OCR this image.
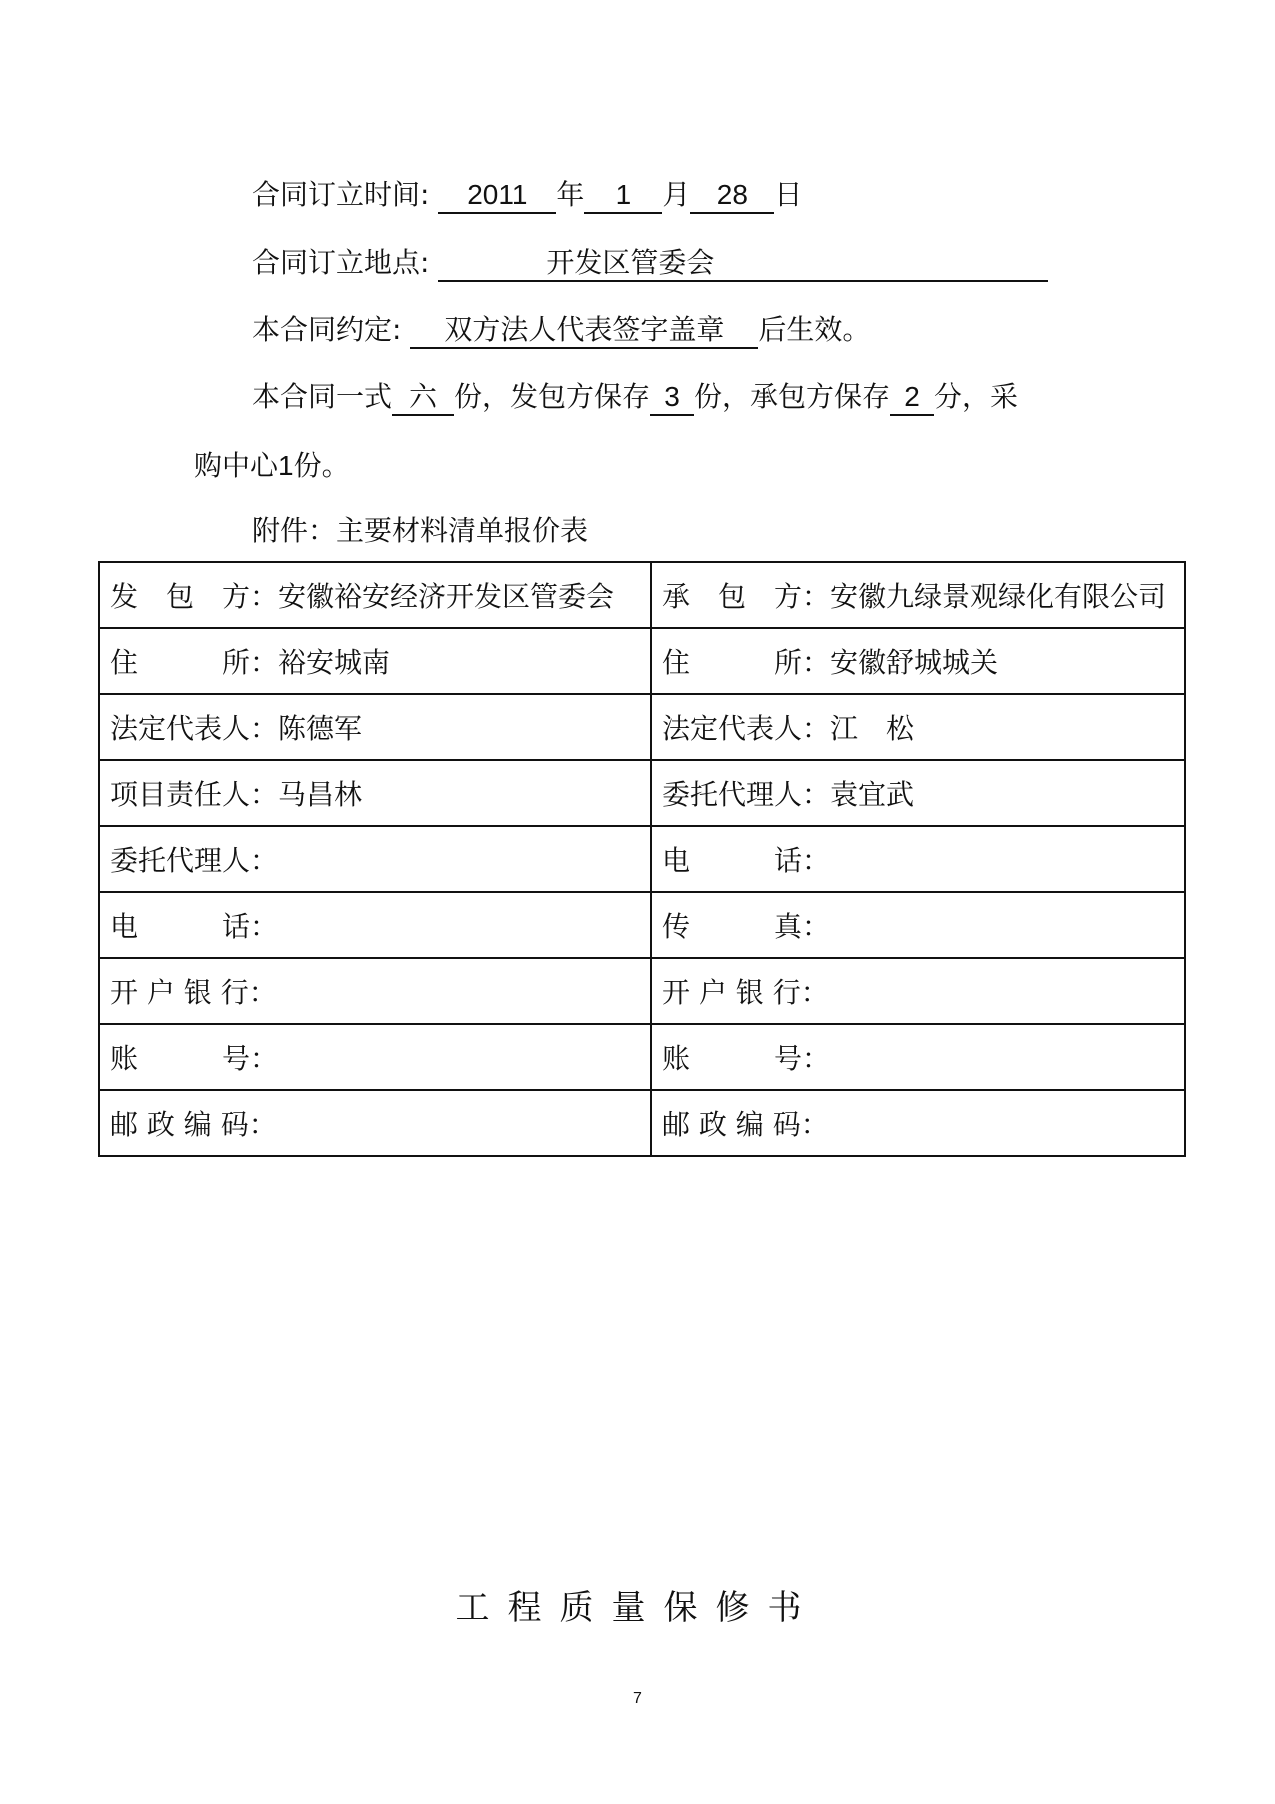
合同订立时间: 2011 年 1 月 28 日
合同订立地点:	开发区管委会
本合同约定: 双方法人代表签字盖章 后生效。
本合同一式 六 份，发包方保存 3 份，承包方保存 2 分，采
购中心1份。
附件：主要材料清单报价表
发　包　方：安徽裕安经济开发区管委会	承　包　方：安徽九绿景观绿化有限公司
住　　　所：裕安城南	住　　　所：安徽舒城城关
法定代表人：陈德军	法定代表人：江　松
项目责任人：马昌林	委托代理人：袁宜武
委托代理人：	电　　　话：
电　　　话：	传　　　真：
开 户 银 行：	开 户 银 行：
账　　　号：	账　　　号：
邮 政 编 码：	邮 政 编 码：
工程质量保修书
7
